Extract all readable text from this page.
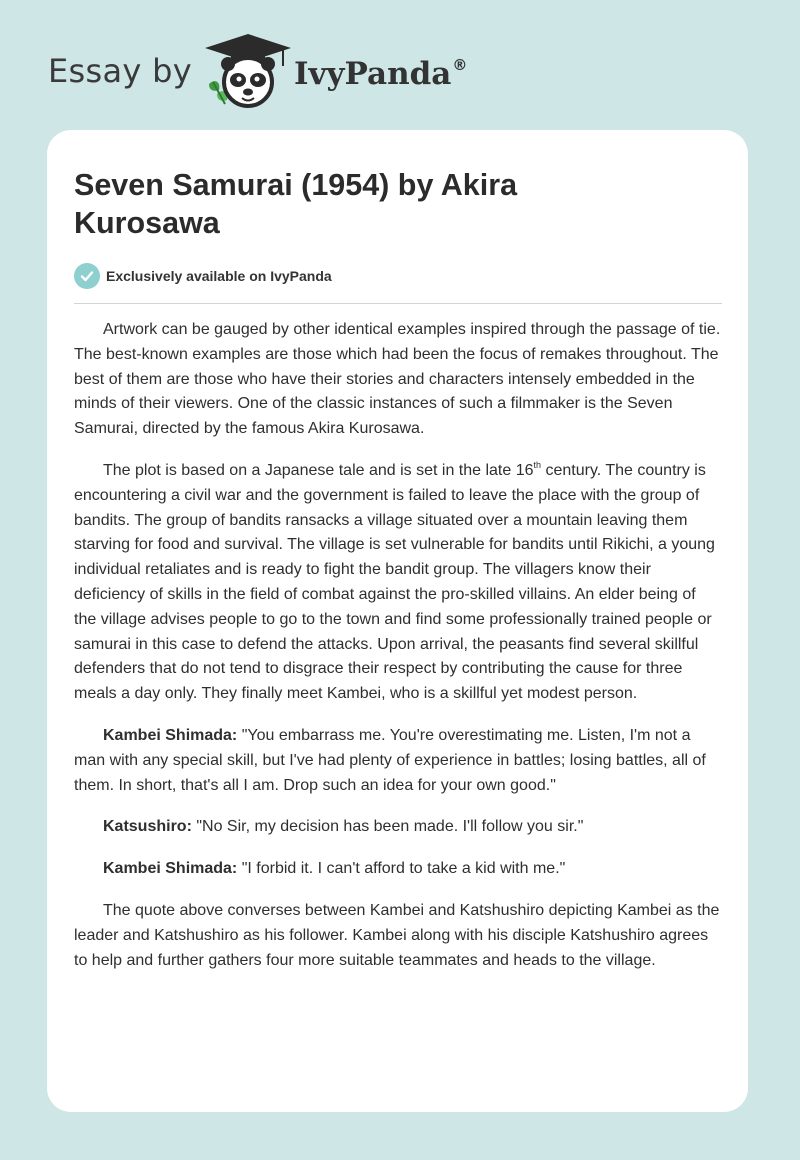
Essay by	IvyPanda®
Seven Samurai (1954) by Akira Kurosawa
Exclusively available on IvyPanda

Artwork can be gauged by other identical examples inspired through the passage of tie. The best-known examples are those which had been the focus of remakes throughout. The best of them are those who have their stories and characters intensely embedded in the minds of their viewers. One of the classic instances of such a filmmaker is the Seven Samurai, directed by the famous Akira Kurosawa.

The plot is based on a Japanese tale and is set in the late 16th century. The country is encountering a civil war and the government is failed to leave the place with the group of bandits. The group of bandits ransacks a village situated over a mountain leaving them starving for food and survival. The village is set vulnerable for bandits until Rikichi, a young individual retaliates and is ready to fight the bandit group. The villagers know their deficiency of skills in the field of combat against the pro-skilled villains. An elder being of the village advises people to go to the town and find some professionally trained people or samurai in this case to defend the attacks. Upon arrival, the peasants find several skillful defenders that do not tend to disgrace their respect by contributing the cause for three meals a day only. They finally meet Kambei, who is a skillful yet modest person.

Kambei Shimada: "You embarrass me. You're overestimating me. Listen, I'm not a man with any special skill, but I've had plenty of experience in battles; losing battles, all of them. In short, that's all I am. Drop such an idea for your own good."

Katsushiro: "No Sir, my decision has been made. I'll follow you sir."

Kambei Shimada: "I forbid it. I can't afford to take a kid with me."

The quote above converses between Kambei and Katshushiro depicting Kambei as the leader and Katshushiro as his follower. Kambei along with his disciple Katshushiro agrees to help and further gathers four more suitable teammates and heads to the village.
